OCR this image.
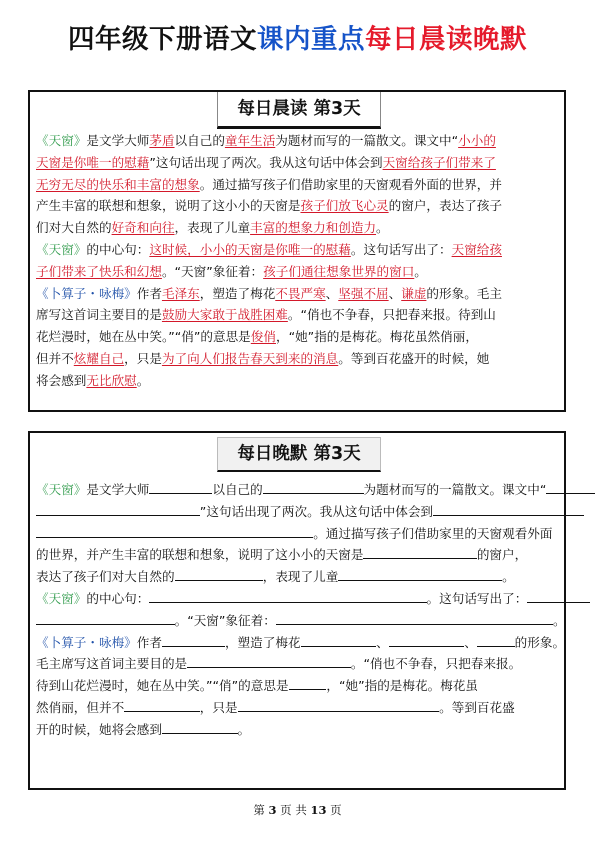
四年级下册语文课内重点每日晨读晚默
每日晨读 第3天
《天窗》是文学大师茅盾以自己的童年生活为题材而写的一篇散文。课文中“小小的
天窗是你唯一的慰藉”这句话出现了两次。我从这句话中体会到天窗给孩子们带来了
无穷无尽的快乐和丰富的想象。通过描写孩子们借助家里的天窗观看外面的世界，并
产生丰富的联想和想象，说明了这小小的天窗是孩子们放飞心灵的窗户，表达了孩子
们对大自然的好奇和向往，表现了儿童丰富的想象力和创造力。
《天窗》的中心句：这时候，小小的天窗是你唯一的慰藉。这句话写出了：天窗给孩
子们带来了快乐和幻想。“天窗”象征着：孩子们通往想象世界的窗口。
《卜算子・咏梅》作者毛泽东，塑造了梅花不畏严寒、坚强不屈、谦虚的形象。毛主
席写这首词主要目的是鼓励大家敢于战胜困难。“俏也不争春，只把春来报。待到山
花烂漫时，她在丛中笑。”“俏”的意思是俊俏，“她”指的是梅花。梅花虽然俏丽，
但并不炫耀自己，只是为了向人们报告春天到来的消息。等到百花盛开的时候，她
将会感到无比欣慰。
每日晚默 第3天
《天窗》是文学大师	以自己的	为题材而写的一篇散文。课文中“
”这句话出现了两次。我从这句话中体会到
。通过描写孩子们借助家里的天窗观看外面
的世界，并产生丰富的联想和想象，说明了这小小的天窗是	的窗户，
表达了孩子们对大自然的	，表现了儿童	。
《天窗》的中心句：	。这句话写出了：
。“天窗”象征着：	。
《卜算子・咏梅》作者	，塑造了梅花	、	、	的形象。
毛主席写这首词主要目的是	。“俏也不争春，只把春来报。
待到山花烂漫时，她在丛中笑。”“俏”的意思是	，“她”指的是梅花。梅花虽
然俏丽，但并不	，只是	。等到百花盛
开的时候，她将会感到	。
第 3 页 共 13 页
